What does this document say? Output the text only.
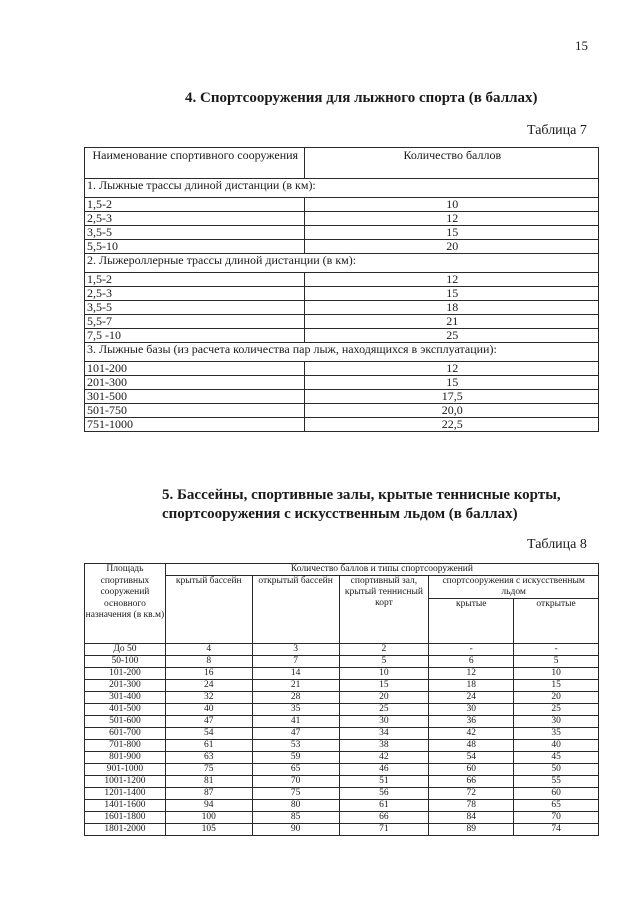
15
4. Спортсооружения для лыжного спорта (в баллах)
Таблица 7
Наименование спортивного сооружения	Количество баллов
1. Лыжные трассы длиной дистанции (в км):	
1,5-2	10
2,5-3	12
3,5-5	15
5,5-10	20
2. Лыжероллерные трассы длиной дистанции (в км):	
1,5-2	12
2,5-3	15
3,5-5	18
5,5-7	21
7,5 -10	25
3. Лыжные базы (из расчета количества пар лыж, находящихся в эксплуатации):	
101-200	12
201-300	15
301-500	17,5
501-750	20,0
751-1000	22,5
5. Бассейны, спортивные залы, крытые теннисные корты, спортсооружения с искусственным льдом (в баллах)
Таблица 8
Площадь спортивных сооружений основного назначения (в кв.м)	Количество баллов и типы спортсооружений				
	крытый бассейн	открытый бассейн	спортивный зал, крытый теннисный корт	спортсооружения с искусственным льдом	
				крытые	открытые
До 50	4	3	2	-	-
50-100	8	7	5	6	5
101-200	16	14	10	12	10
201-300	24	21	15	18	15
301-400	32	28	20	24	20
401-500	40	35	25	30	25
501-600	47	41	30	36	30
601-700	54	47	34	42	35
701-800	61	53	38	48	40
801-900	63	59	42	54	45
901-1000	75	65	46	60	50
1001-1200	81	70	51	66	55
1201-1400	87	75	56	72	60
1401-1600	94	80	61	78	65
1601-1800	100	85	66	84	70
1801-2000	105	90	71	89	74
